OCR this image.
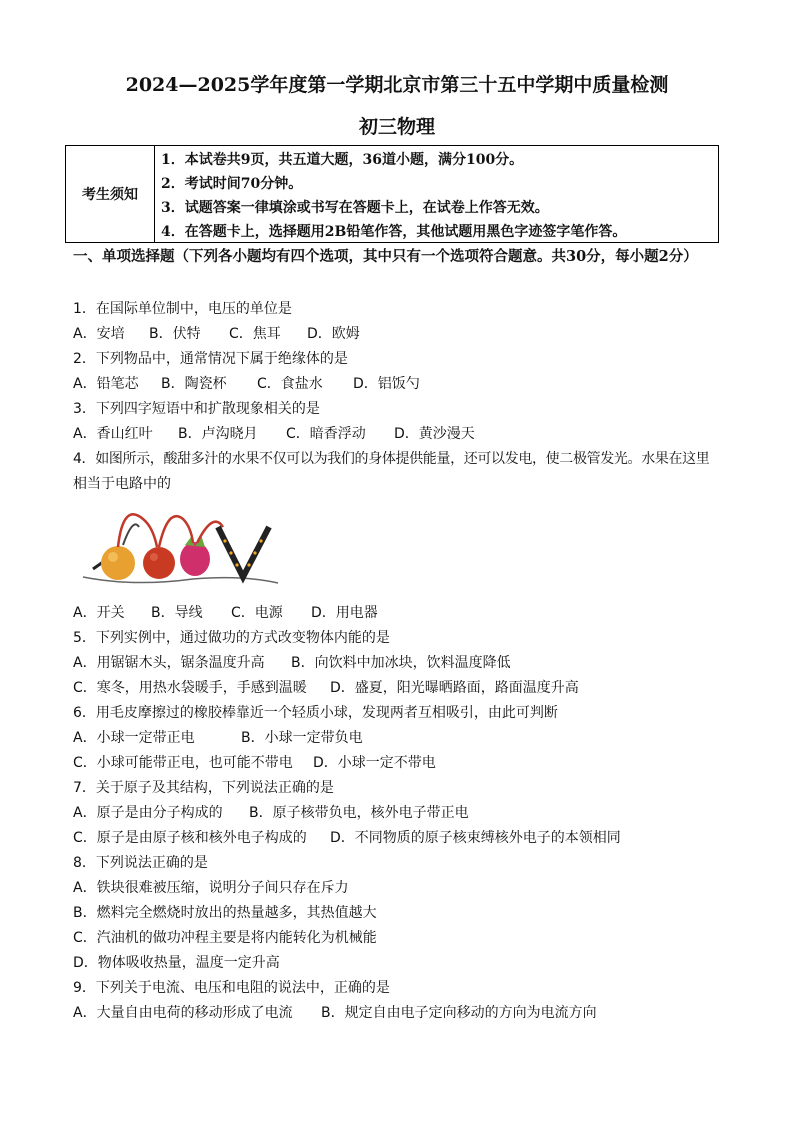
2024—2025学年度第一学期北京市第三十五中学期中质量检测
初三物理
考生须知
1．本试卷共9页，共五道大题，36道小题，满分100分。
2．考试时间70分钟。
3．试题答案一律填涂或书写在答题卡上，在试卷上作答无效。
4．在答题卡上，选择题用2B铅笔作答，其他试题用黑色字迹签字笔作答。
一、单项选择题（下列各小题均有四个选项，其中只有一个选项符合题意。共30分，每小题2分）
1．在国际单位制中，电压的单位是
A．安培 B．伏特 C．焦耳 D．欧姆
2．下列物品中，通常情况下属于绝缘体的是
A．铅笔芯 B．陶瓷杯 C．食盐水 D．铝饭勺
3．下列四字短语中和扩散现象相关的是
A．香山红叶 B．卢沟晓月 C．暗香浮动 D．黄沙漫天
4．如图所示，酸甜多汁的水果不仅可以为我们的身体提供能量，还可以发电，使二极管发光。水果在这里
相当于电路中的
A．开关 B．导线 C．电源 D．用电器
5．下列实例中，通过做功的方式改变物体内能的是
A．用锯锯木头，锯条温度升高 B．向饮料中加冰块，饮料温度降低
C．寒冬，用热水袋暖手，手感到温暖 D．盛夏，阳光曝晒路面，路面温度升高
6．用毛皮摩擦过的橡胶棒靠近一个轻质小球，发现两者互相吸引，由此可判断
A．小球一定带正电	B．小球一定带负电
C．小球可能带正电，也可能不带电 D．小球一定不带电
7．关于原子及其结构，下列说法正确的是
A．原子是由分子构成的 B．原子核带负电，核外电子带正电
C．原子是由原子核和核外电子构成的 D．不同物质的原子核束缚核外电子的本领相同
8．下列说法正确的是
A．铁块很难被压缩，说明分子间只存在斥力
B．燃料完全燃烧时放出的热量越多，其热值越大
C．汽油机的做功冲程主要是将内能转化为机械能
D．物体吸收热量，温度一定升高
9．下列关于电流、电压和电阻的说法中，正确的是
A．大量自由电荷的移动形成了电流 B．规定自由电子定向移动的方向为电流方向
